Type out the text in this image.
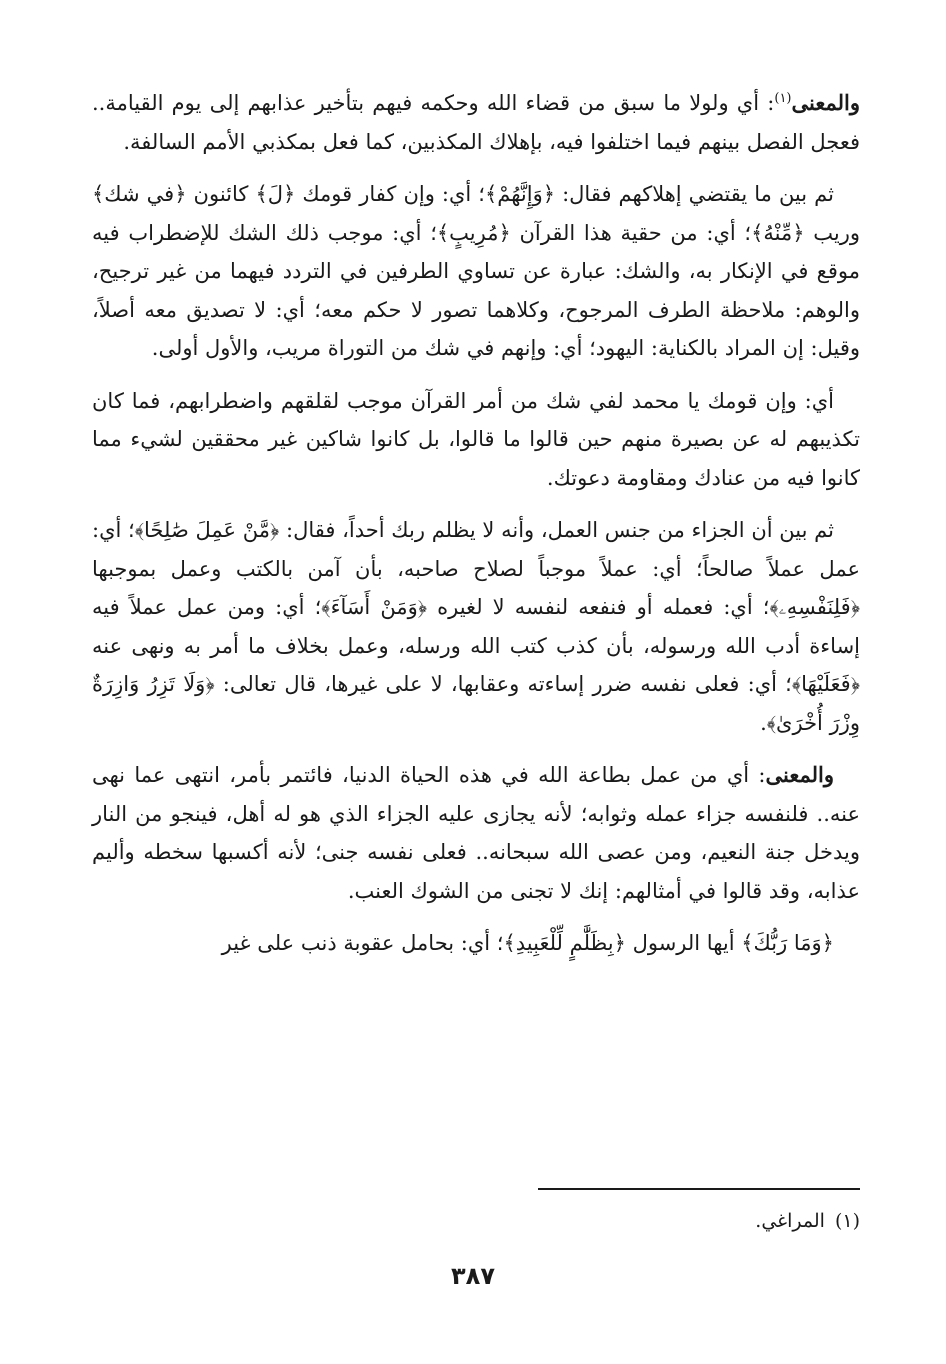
والمعنى$^{(١)}$: أي ولولا ما سبق من قضاء الله وحكمه فيهم بتأخير عذابهم إلى يوم القيامة.. فعجل الفصل بينهم فيما اختلفوا فيه، بإهلاك المكذبين، كما فعل بمكذبي الأمم السالفة.

ثم بين ما يقتضي إهلاكهم فقال: ﴿وَإِنَّهُمْ﴾؛ أي: وإن كفار قومك ﴿لَ﴾ كائنون ﴿في شك﴾ وريب ﴿مِّنْهُ﴾؛ أي: من حقية هذا القرآن ﴿مُرِيبٍ﴾؛ أي: موجب ذلك الشك للإضطراب فيه موقع في الإنكار به، والشك: عبارة عن تساوي الطرفين في التردد فيهما من غير ترجيح، والوهم: ملاحظة الطرف المرجوح، وكلاهما تصور لا حكم معه؛ أي: لا تصديق معه أصلاً، وقيل: إن المراد بالكناية: اليهود؛ أي: وإنهم في شك من التوراة مريب، والأول أولى.

أي: وإن قومك يا محمد لفي شك من أمر القرآن موجب لقلقهم واضطرابهم، فما كان تكذيبهم له عن بصيرة منهم حين قالوا ما قالوا، بل كانوا شاكين غير محققين لشيء مما كانوا فيه من عنادك ومقاومة دعوتك.

ثم بين أن الجزاء من جنس العمل، وأنه لا يظلم ربك أحداً، فقال: ﴿مَّنْ عَمِلَ صَٰلِحًا﴾؛ أي: عمل عملاً صالحاً؛ أي: عملاً موجباً لصلاح صاحبه، بأن آمن بالكتب وعمل بموجبها ﴿فَلِنَفْسِهِۦ﴾؛ أي: فعمله أو فنفعه لنفسه لا لغيره ﴿وَمَنْ أَسَآءَ﴾؛ أي: ومن عمل عملاً فيه إساءة أدب الله ورسوله، بأن كذب كتب الله ورسله، وعمل بخلاف ما أمر به ونهى عنه ﴿فَعَلَيْهَا﴾؛ أي: فعلى نفسه ضرر إساءته وعقابها، لا على غيرها، قال تعالى: ﴿وَلَا تَزِرُ وَازِرَةٌ وِزْرَ أُخْرَىٰ﴾.

والمعنى: أي من عمل بطاعة الله في هذه الحياة الدنيا، فائتمر بأمر، انتهى عما نهى عنه.. فلنفسه جزاء عمله وثوابه؛ لأنه يجازى عليه الجزاء الذي هو له أهل، فينجو من النار ويدخل جنة النعيم، ومن عصى الله سبحانه.. فعلى نفسه جنى؛ لأنه أكسبها سخطه وأليم عذابه، وقد قالوا في أمثالهم: إنك لا تجنى من الشوك العنب.

﴿وَمَا رَبُّكَ﴾ أيها الرسول ﴿بِظَلَّٰمٍ لِّلْعَبِيدِ﴾؛ أي: بحامل عقوبة ذنب على غير

(١)المراغي.
٣٨٧
